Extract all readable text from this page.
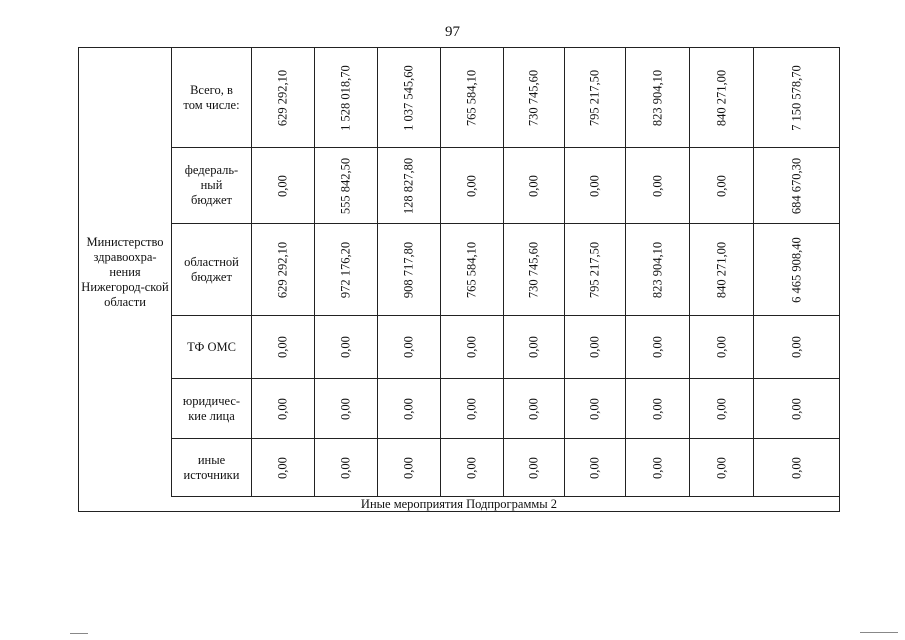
97
Министерство здравоохра-нения Нижегород-ской области
Иные мероприятия Подпрограммы 2
Всего, в
том числе:	629 292,10	1 528 018,70	1 037 545,60	765 584,10	730 745,60	795 217,50	823 904,10	840 271,00	7 150 578,70
федераль-
ный
бюджет
0,00	555 842,50	128 827,80	0,00	0,00	0,00	0,00	0,00	684 670,30
областной
бюджет	629 292,10	972 176,20	908 717,80	765 584,10	730 745,60	795 217,50	823 904,10	840 271,00	6 465 908,40
ТФ ОМС	0,00	0,00	0,00	0,00	0,00	0,00	0,00	0,00	0,00
юридичес-
кие лица	0,00	0,00	0,00	0,00	0,00	0,00	0,00	0,00	0,00
иные
источники	0,00	0,00	0,00	0,00	0,00	0,00	0,00	0,00	0,00
